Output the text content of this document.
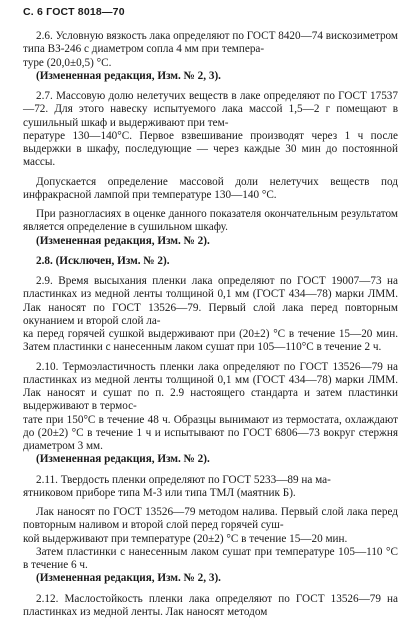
С. 6 ГОСТ 8018—70

2.6. Условную вязкость лака определяют по ГОСТ 8420—74 вискозиметром типа ВЗ-246 с диаметром сопла 4 мм при темпера-
туре (20,0±0,5) °С.

(Измененная редакция, Изм. № 2, 3).

2.7. Массовую долю нелетучих веществ в лаке определяют по ГОСТ 17537—72. Для этого навеску испытуемого лака массой 1,5—2 г помещают в сушильный шкаф и выдерживают при тем-
пературе 130—140°С. Первое взвешивание производят через 1 ч после выдержки в шкафу, последующие — через каждые 30 мин до постоянной массы.

Допускается определение массовой доли нелетучих веществ под инфракрасной лампой при температуре 130—140 °С.

При разногласиях в оценке данного показателя окончательным результатом является определение в сушильном шкафу.

(Измененная редакция, Изм. № 2).

2.8. (Исключен, Изм. № 2).

2.9. Время высыхания пленки лака определяют по ГОСТ 19007—73 на пластинках из медной ленты толщиной 0,1 мм (ГОСТ 434—78) марки ЛММ. Лак наносят по ГОСТ 13526—79. Первый слой лака перед повторным окунанием и второй слой ла-
ка перед горячей сушкой выдерживают при (20±2) °С в течение 15—20 мин. Затем пластинки с нанесенным лаком сушат при 105—110°С в течение 2 ч.

2.10. Термоэластичность пленки лака определяют по ГОСТ 13526—79 на пластинках из медной ленты толщиной 0,1 мм (ГОСТ 434—78) марки ЛММ. Лак наносят и сушат по п. 2.9 настоящего стандарта и затем пластинки выдерживают в термос-
тате при 150°С в течение 48 ч. Образцы вынимают из термостата, охлаждают до (20±2) °С в течение 1 ч и испытывают по ГОСТ 6806—73 вокруг стержня диаметром 3 мм.

(Измененная редакция, Изм. № 2).

2.11. Твердость пленки определяют по ГОСТ 5233—89 на ма-
ятниковом приборе типа М-3 или типа ТМЛ (маятник Б).

Лак наносят по ГОСТ 13526—79 методом налива. Первый слой лака перед повторным наливом и второй слой перед горячей суш-
кой выдерживают при температуре (20±2) °С в течение 15—20 мин.

Затем пластинки с нанесенным лаком сушат при температуре 105—110 °С в течение 6 ч.

(Измененная редакция, Изм. № 2, 3).

2.12. Маслостойкость пленки лака определяют по ГОСТ 13526—79 на пластинках из медной ленты. Лак наносят методом
